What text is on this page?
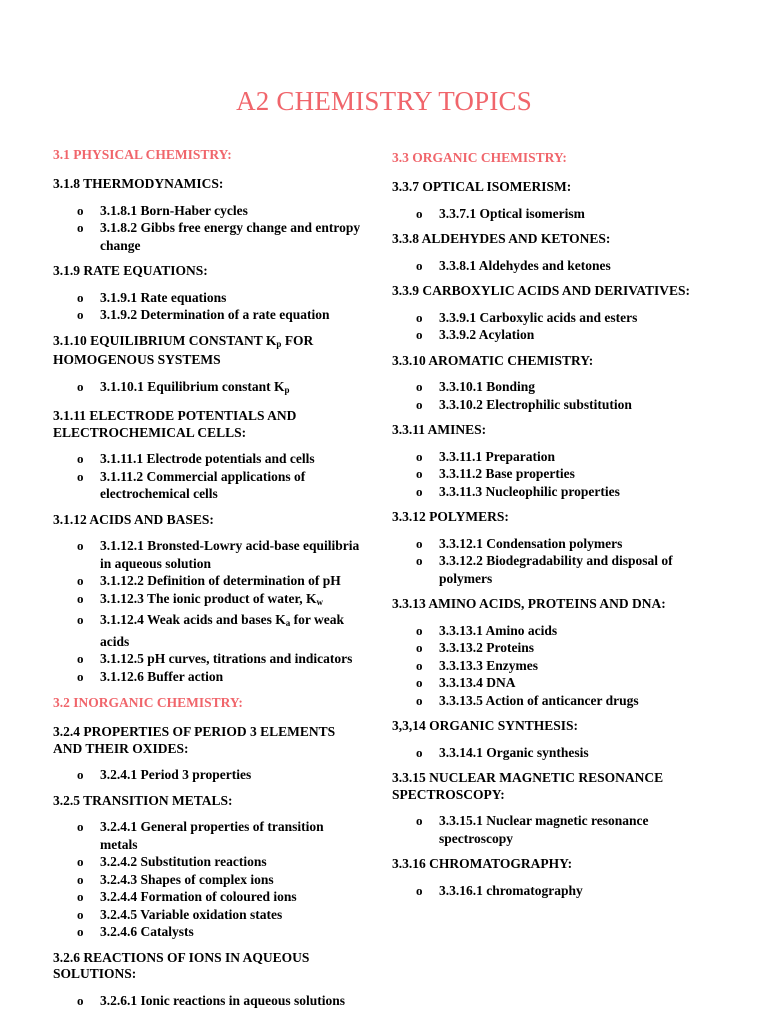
A2 CHEMISTRY TOPICS
3.1 PHYSICAL CHEMISTRY:
3.1.8 THERMODYNAMICS:
o 3.1.8.1 Born-Haber cycles
o 3.1.8.2 Gibbs free energy change and entropy change
3.1.9 RATE EQUATIONS:
o 3.1.9.1 Rate equations
o 3.1.9.2 Determination of a rate equation
3.1.10 EQUILIBRIUM CONSTANT $K_p$ FOR HOMOGENOUS SYSTEMS
o 3.1.10.1 Equilibrium constant $K_p$
3.1.11 ELECTRODE POTENTIALS AND ELECTROCHEMICAL CELLS:
o 3.1.11.1 Electrode potentials and cells
o 3.1.11.2 Commercial applications of electrochemical cells
3.1.12 ACIDS AND BASES:
o 3.1.12.1 Bronsted-Lowry acid-base equilibria in aqueous solution
o 3.1.12.2 Definition of determination of pH
o 3.1.12.3 The ionic product of water, $K_w$
o 3.1.12.4 Weak acids and bases $K_a$ for weak acids
o 3.1.12.5 pH curves, titrations and indicators
o 3.1.12.6 Buffer action
3.2 INORGANIC CHEMISTRY:
3.2.4 PROPERTIES OF PERIOD 3 ELEMENTS AND THEIR OXIDES:
o 3.2.4.1 Period 3 properties
3.2.5 TRANSITION METALS:
o 3.2.4.1 General properties of transition metals
o 3.2.4.2 Substitution reactions
o 3.2.4.3 Shapes of complex ions
o 3.2.4.4 Formation of coloured ions
o 3.2.4.5 Variable oxidation states
o 3.2.4.6 Catalysts
3.2.6 REACTIONS OF IONS IN AQUEOUS SOLUTIONS:
o 3.2.6.1 Ionic reactions in aqueous solutions
3.3 ORGANIC CHEMISTRY:
3.3.7 OPTICAL ISOMERISM:
o 3.3.7.1 Optical isomerism
3.3.8 ALDEHYDES AND KETONES:
o 3.3.8.1 Aldehydes and ketones
3.3.9 CARBOXYLIC ACIDS AND DERIVATIVES:
o 3.3.9.1 Carboxylic acids and esters
o 3.3.9.2 Acylation
3.3.10 AROMATIC CHEMISTRY:
o 3.3.10.1 Bonding
o 3.3.10.2 Electrophilic substitution
3.3.11 AMINES:
o 3.3.11.1 Preparation
o 3.3.11.2 Base properties
o 3.3.11.3 Nucleophilic properties
3.3.12 POLYMERS:
o 3.3.12.1 Condensation polymers
o 3.3.12.2 Biodegradability and disposal of polymers
3.3.13 AMINO ACIDS, PROTEINS AND DNA:
o 3.3.13.1 Amino acids
o 3.3.13.2 Proteins
o 3.3.13.3 Enzymes
o 3.3.13.4 DNA
o 3.3.13.5 Action of anticancer drugs
3,3,14 ORGANIC SYNTHESIS:
o 3.3.14.1 Organic synthesis
3.3.15 NUCLEAR MAGNETIC RESONANCE SPECTROSCOPY:
o 3.3.15.1 Nuclear magnetic resonance spectroscopy
3.3.16 CHROMATOGRAPHY:
o 3.3.16.1 chromatography
